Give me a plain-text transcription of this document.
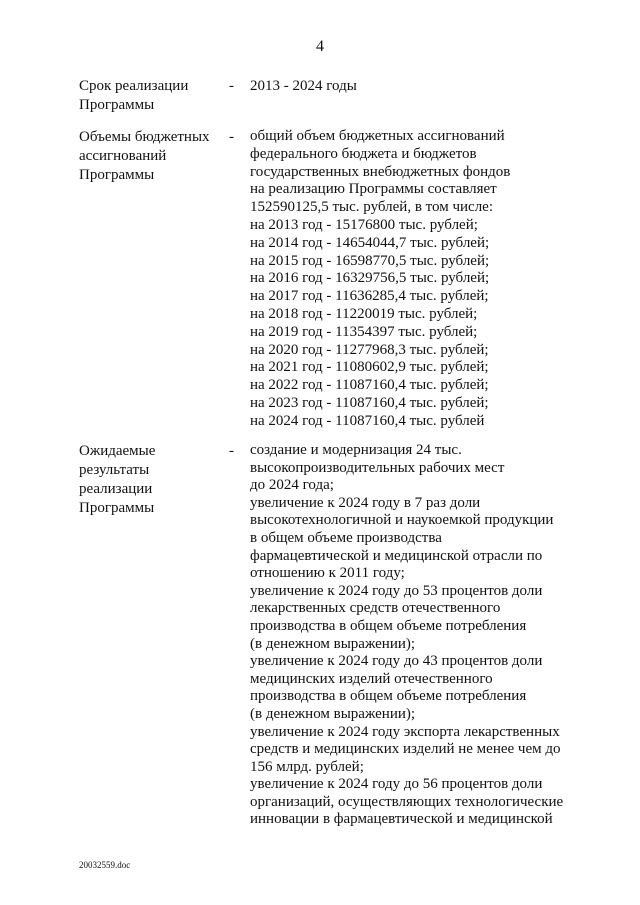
4
Срок реализации
Программы
- 2013 - 2024 годы
Объемы бюджетных
ассигнований
Программы
- общий объем бюджетных ассигнований
федерального бюджета и бюджетов
государственных внебюджетных фондов
на реализацию Программы составляет
152590125,5 тыс. рублей, в том числе:
на 2013 год - 15176800 тыс. рублей;
на 2014 год - 14654044,7 тыс. рублей;
на 2015 год - 16598770,5 тыс. рублей;
на 2016 год - 16329756,5 тыс. рублей;
на 2017 год - 11636285,4 тыс. рублей;
на 2018 год - 11220019 тыс. рублей;
на 2019 год - 11354397 тыс. рублей;
на 2020 год - 11277968,3 тыс. рублей;
на 2021 год - 11080602,9 тыс. рублей;
на 2022 год - 11087160,4 тыс. рублей;
на 2023 год - 11087160,4 тыс. рублей;
на 2024 год - 11087160,4 тыс. рублей
Ожидаемые
результаты
реализации
Программы
- создание и модернизация 24 тыс.
высокопроизводительных рабочих мест
до 2024 года;
увеличение к 2024 году в 7 раз доли
высокотехнологичной и наукоемкой продукции
в общем объеме производства
фармацевтической и медицинской отрасли по
отношению к 2011 году;
увеличение к 2024 году до 53 процентов доли
лекарственных средств отечественного
производства в общем объеме потребления
(в денежном выражении);
увеличение к 2024 году до 43 процентов доли
медицинских изделий отечественного
производства в общем объеме потребления
(в денежном выражении);
увеличение к 2024 году экспорта лекарственных
средств и медицинских изделий не менее чем до
156 млрд. рублей;
увеличение к 2024 году до 56 процентов доли
организаций, осуществляющих технологические
инновации в фармацевтической и медицинской
20032559.doc
